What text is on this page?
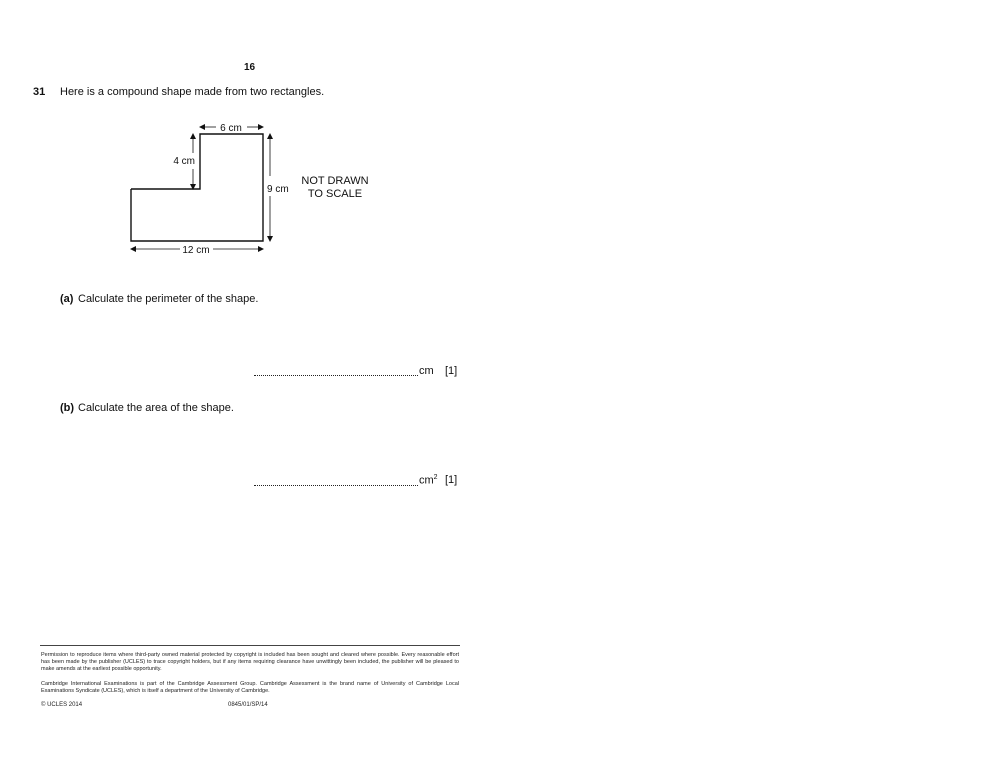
16
31 Here is a compound shape made from two rectangles.
6 cm
4 cm
9 cm
12 cm
NOT DRAWN
TO SCALE
(a) Calculate the perimeter of the shape.
cm [1]
(b) Calculate the area of the shape.
$cm^2$ [1]
Permission to reproduce items where third-party owned material protected by copyright is included has been sought and cleared where possible. Every reasonable effort has been made by the publisher (UCLES) to trace copyright holders, but if any items requiring clearance have unwittingly been included, the publisher will be pleased to make amends at the earliest possible opportunity.
Cambridge International Examinations is part of the Cambridge Assessment Group. Cambridge Assessment is the brand name of University of Cambridge Local Examinations Syndicate (UCLES), which is itself a department of the University of Cambridge.
© UCLES 2014	0845/01/SP/14
